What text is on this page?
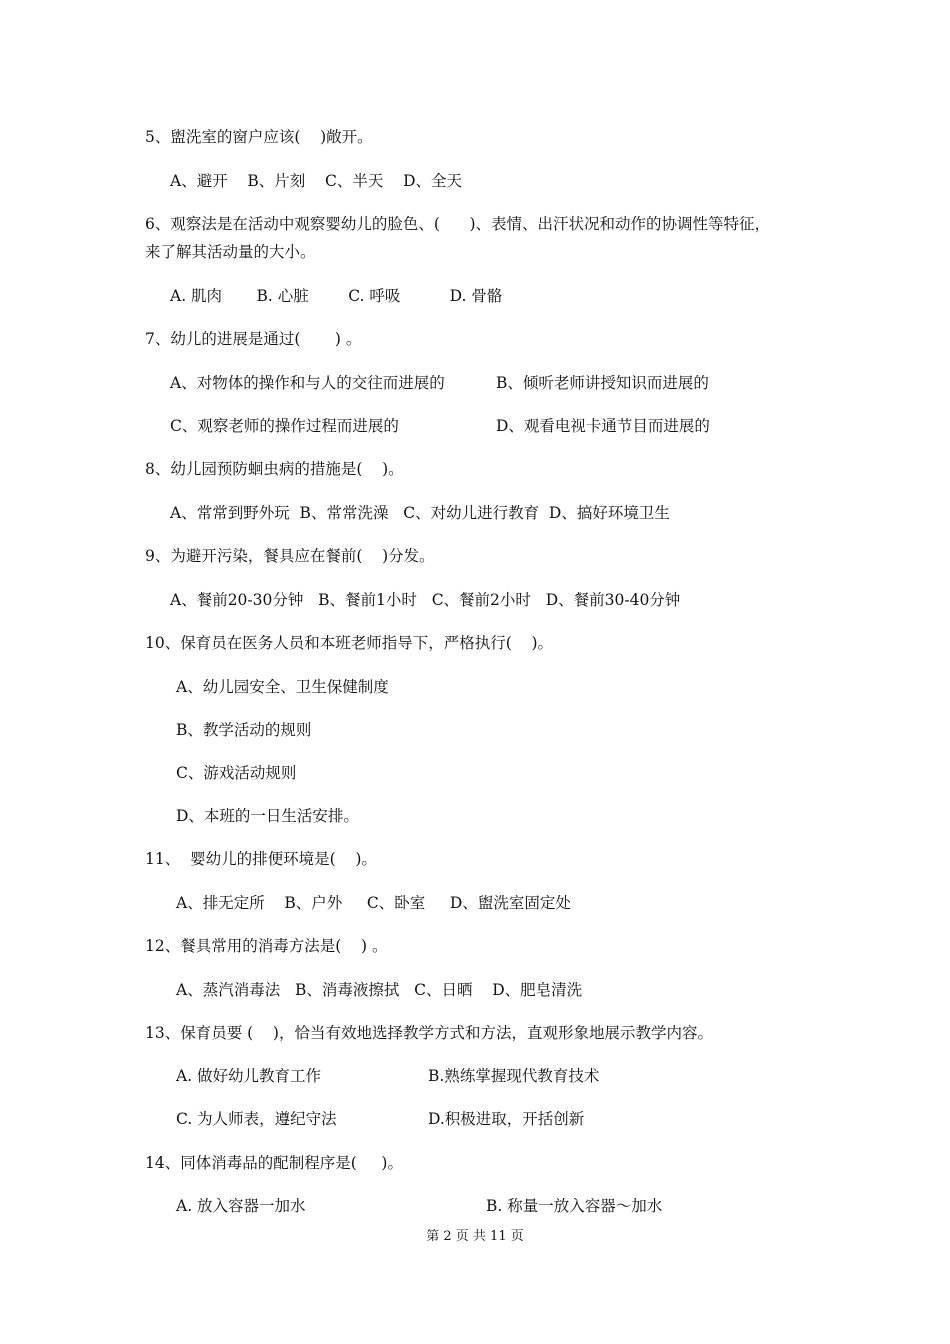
5、盥洗室的窗户应该(    )敞开。
A、避开    B、片刻    C、半天    D、全天
6、观察法是在活动中观察婴幼儿的脸色、(      )、表情、出汗状况和动作的协调性等特征，
来了解其活动量的大小。
A. 肌肉       B. 心脏        C. 呼吸          D. 骨骼
7、幼儿的进展是通过(       ) 。
A、对物体的操作和与人的交往而进展的	B、倾听老师讲授知识而进展的
C、观察老师的操作过程而进展的	D、观看电视卡通节目而进展的
8、幼儿园预防蛔虫病的措施是(    )。
A、常常到野外玩  B、常常洗澡   C、对幼儿进行教育  D、搞好环境卫生
9、为避开污染，餐具应在餐前(    )分发。
A、餐前20-30分钟   B、餐前1小时   C、餐前2小时   D、餐前30-40分钟
10、保育员在医务人员和本班老师指导下，严格执行(    )。
A、幼儿园安全、卫生保健制度
B、教学活动的规则
C、游戏活动规则
D、本班的一日生活安排。
11、  婴幼儿的排便环境是(    )。
A、排无定所    B、户外     C、卧室     D、盥洗室固定处
12、餐具常用的消毒方法是(    ) 。
A、蒸汽消毒法   B、消毒液擦拭   C、日晒    D、肥皂清洗
13、保育员要 (    )，恰当有效地选择教学方式和方法，直观形象地展示教学内容。
A. 做好幼儿教育工作	B.熟练掌握现代教育技术
C. 为人师表，遵纪守法	D.积极进取，开括创新
14、同体消毒品的配制程序是(     )。
A. 放入容器一加水	B. 称量一放入容器～加水
第 2 页 共 11 页
